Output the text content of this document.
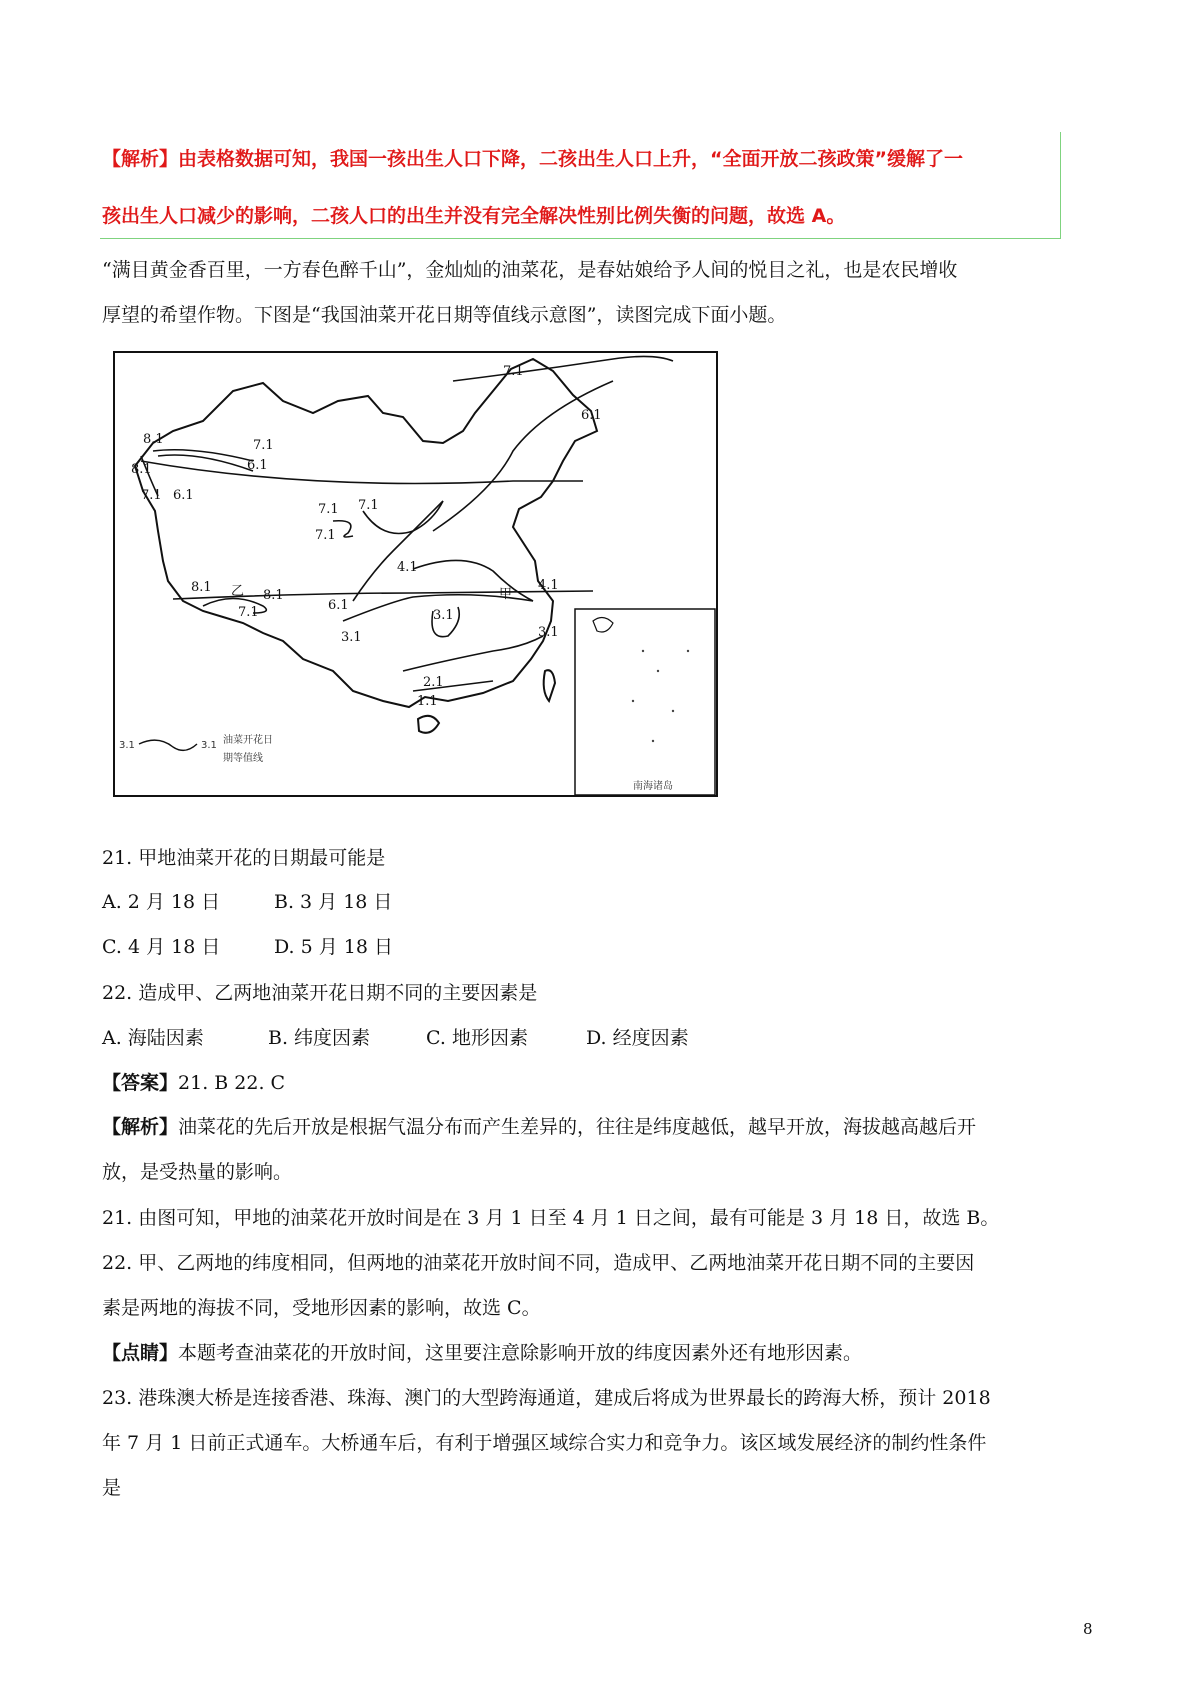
【解析】由表格数据可知，我国一孩出生人口下降，二孩出生人口上升，“全面开放二孩政策”缓解了一
孩出生人口减少的影响，二孩人口的出生并没有完全解决性别比例失衡的问题，故选 A。
“满目黄金香百里，一方春色醉千山”，金灿灿的油菜花，是春姑娘给予人间的悦目之礼，也是农民增收
厚望的希望作物。下图是“我国油菜开花日期等值线示意图”，读图完成下面小题。
南海诸岛
3.1	3.1 油菜开花日
期等值线
7.1
6.1
8.1	7.1
8.1	6.1
7.1 6.1
7.1 7.1
7.1
4.1
8.1 乙 8.1
7.1	6.1
甲
4.1
3.1
3.1	3.1
2.1
1.1
21. 甲地油菜开花的日期最可能是
A. 2 月 18 日	B. 3 月 18 日
C. 4 月 18 日	D. 5 月 18 日
22. 造成甲、乙两地油菜开花日期不同的主要因素是
A. 海陆因素	B. 纬度因素	C. 地形因素	D. 经度因素
【答案】21. B 22. C
【解析】油菜花的先后开放是根据气温分布而产生差异的，往往是纬度越低，越早开放，海拔越高越后开
放，是受热量的影响。
21. 由图可知，甲地的油菜花开放时间是在 3 月 1 日至 4 月 1 日之间，最有可能是 3 月 18 日，故选 B。
22. 甲、乙两地的纬度相同，但两地的油菜花开放时间不同，造成甲、乙两地油菜开花日期不同的主要因
素是两地的海拔不同，受地形因素的影响，故选 C。
【点睛】本题考查油菜花的开放时间，这里要注意除影响开放的纬度因素外还有地形因素。
23. 港珠澳大桥是连接香港、珠海、澳门的大型跨海通道，建成后将成为世界最长的跨海大桥，预计 2018
年 7 月 1 日前正式通车。大桥通车后，有利于增强区域综合实力和竞争力。该区域发展经济的制约性条件
是
8
